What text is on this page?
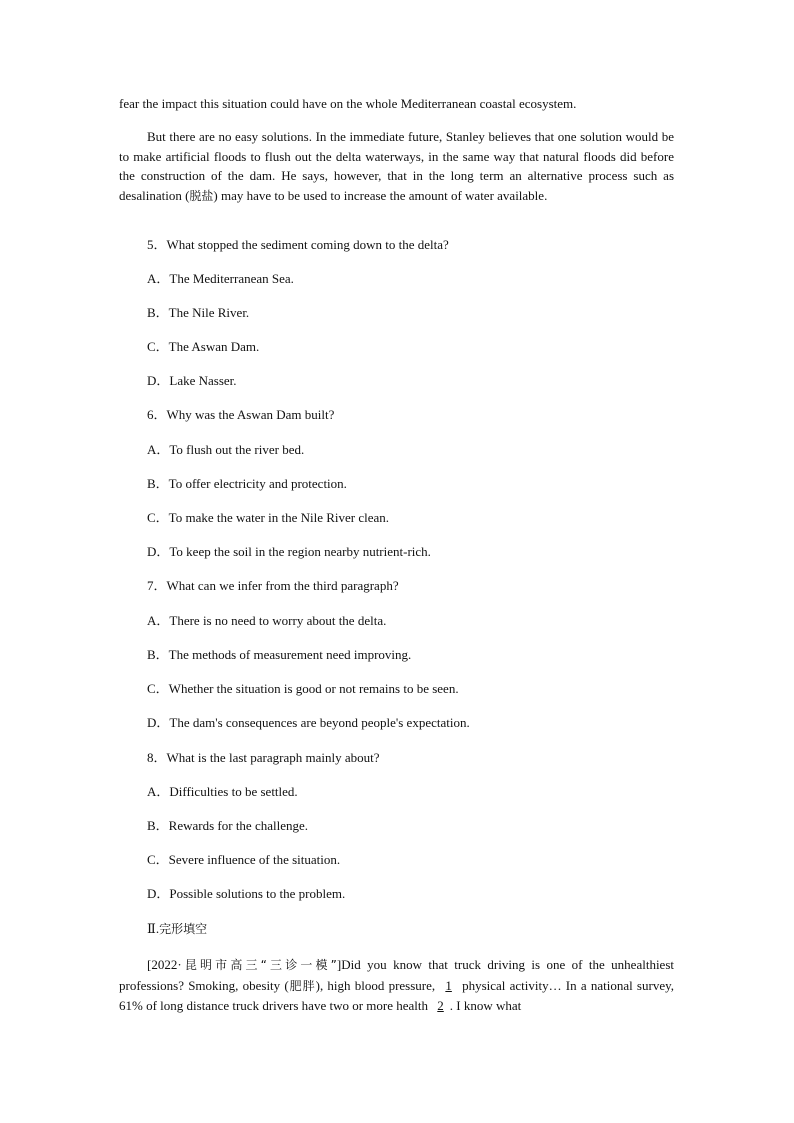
fear the impact this situation could have on the whole Mediterranean coastal ecosystem.

But there are no easy solutions. In the immediate future, Stanley believes that one solution would be to make artificial floods to flush out the delta waterways, in the same way that natural floods did before the construction of the dam. He says, however, that in the long term an alternative process such as desalination (脱盐) may have to be used to increase the amount of water available.

5．What stopped the sediment coming down to the delta?

A．The Mediterranean Sea.

B．The Nile River.

C．The Aswan Dam.

D．Lake Nasser.

6．Why was the Aswan Dam built?

A．To flush out the river bed.

B．To offer electricity and protection.

C．To make the water in the Nile River clean.

D．To keep the soil in the region nearby nutrient-rich.

7．What can we infer from the third paragraph?

A．There is no need to worry about the delta.

B．The methods of measurement need improving.

C．Whether the situation is good or not remains to be seen.

D．The dam's consequences are beyond people's expectation.

8．What is the last paragraph mainly about?

A．Difficulties to be settled.

B．Rewards for the challenge.

C．Severe influence of the situation.

D．Possible solutions to the problem.

Ⅱ.完形填空

[2022·昆明市高三“三诊一模”]Did you know that truck driving is one of the unhealthiest professions? Smoking, obesity (肥胖), high blood pressure, 1 physical activity… In a national survey, 61% of long distance truck drivers have two or more health 2 . I know what
